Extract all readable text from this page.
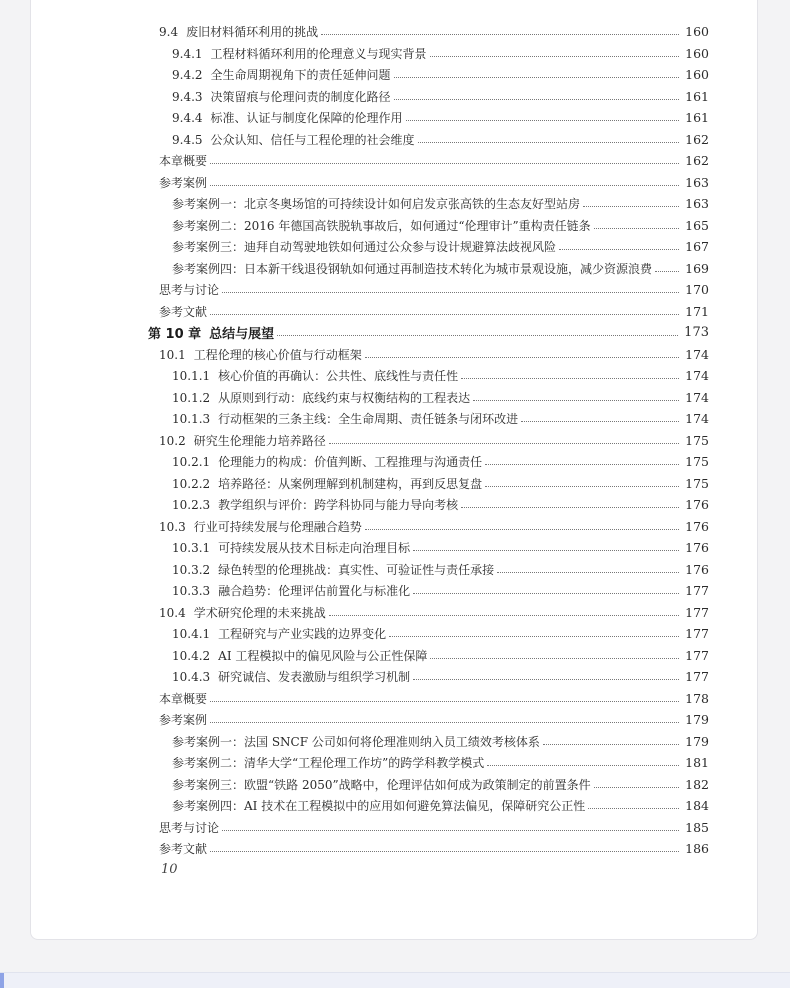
9.4 废旧材料循环利用的挑战	160
9.4.1 工程材料循环利用的伦理意义与现实背景	160
9.4.2 全生命周期视角下的责任延伸问题	160
9.4.3 决策留痕与伦理问责的制度化路径	161
9.4.4 标准、认证与制度化保障的伦理作用	161
9.4.5 公众认知、信任与工程伦理的社会维度	162
本章概要	162
参考案例	163
参考案例一：北京冬奥场馆的可持续设计如何启发京张高铁的生态友好型站房	163
参考案例二：2016 年德国高铁脱轨事故后，如何通过“伦理审计”重构责任链条	165
参考案例三：迪拜自动驾驶地铁如何通过公众参与设计规避算法歧视风险	167
参考案例四：日本新干线退役钢轨如何通过再制造技术转化为城市景观设施，减少资源浪费	169
思考与讨论	170
参考文献	171
第 10 章 总结与展望	173
10.1 工程伦理的核心价值与行动框架	174
10.1.1 核心价值的再确认：公共性、底线性与责任性	174
10.1.2 从原则到行动：底线约束与权衡结构的工程表达	174
10.1.3 行动框架的三条主线：全生命周期、责任链条与闭环改进	174
10.2 研究生伦理能力培养路径	175
10.2.1 伦理能力的构成：价值判断、工程推理与沟通责任	175
10.2.2 培养路径：从案例理解到机制建构，再到反思复盘	175
10.2.3 教学组织与评价：跨学科协同与能力导向考核	176
10.3 行业可持续发展与伦理融合趋势	176
10.3.1 可持续发展从技术目标走向治理目标	176
10.3.2 绿色转型的伦理挑战：真实性、可验证性与责任承接	176
10.3.3 融合趋势：伦理评估前置化与标准化	177
10.4 学术研究伦理的未来挑战	177
10.4.1 工程研究与产业实践的边界变化	177
10.4.2 AI 工程模拟中的偏见风险与公正性保障	177
10.4.3 研究诚信、发表激励与组织学习机制	177
本章概要	178
参考案例	179
参考案例一：法国 SNCF 公司如何将伦理准则纳入员工绩效考核体系	179
参考案例二：清华大学“工程伦理工作坊”的跨学科教学模式	181
参考案例三：欧盟“铁路 2050”战略中，伦理评估如何成为政策制定的前置条件	182
参考案例四：AI 技术在工程模拟中的应用如何避免算法偏见，保障研究公正性	184
思考与讨论	185
参考文献	186
10
